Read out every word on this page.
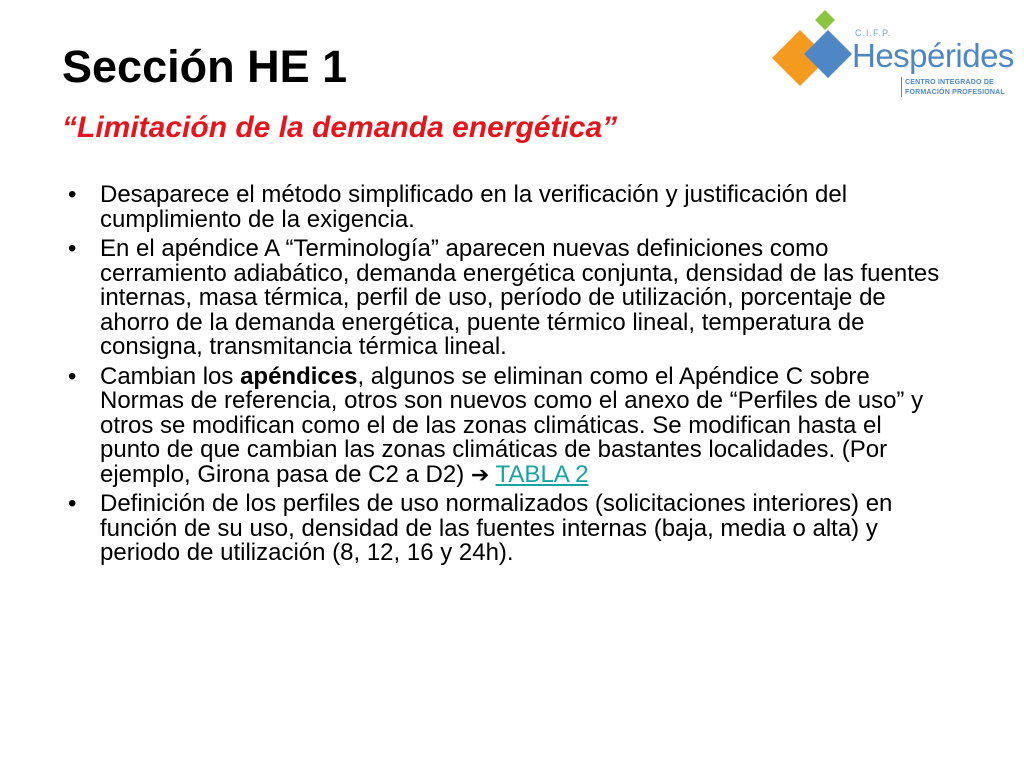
Sección HE 1
“Limitación de la demanda energética”
C.I.F.P.
Hespérides
CENTRO INTEGRADO DE
FORMACIÓN PROFESIONAL
• Desaparece el método simplificado en la verificación y justificación del cumplimiento de la exigencia.
• En el apéndice A “Terminología” aparecen nuevas definiciones como cerramiento adiabático, demanda energética conjunta, densidad de las fuentes internas, masa térmica, perfil de uso, período de utilización, porcentaje de ahorro de la demanda energética, puente térmico lineal, temperatura de consigna, transmitancia térmica lineal.
• Cambian los apéndices, algunos se eliminan como el Apéndice C sobre Normas de referencia, otros son nuevos como el anexo de “Perfiles de uso” y otros se modifican como el de las zonas climáticas. Se modifican hasta el punto de que cambian las zonas climáticas de bastantes localidades. (Por ejemplo, Girona pasa de C2 a D2) ➔ TABLA 2
• Definición de los perfiles de uso normalizados (solicitaciones interiores) en función de su uso, densidad de las fuentes internas (baja, media o alta) y periodo de utilización (8, 12, 16 y 24h).
